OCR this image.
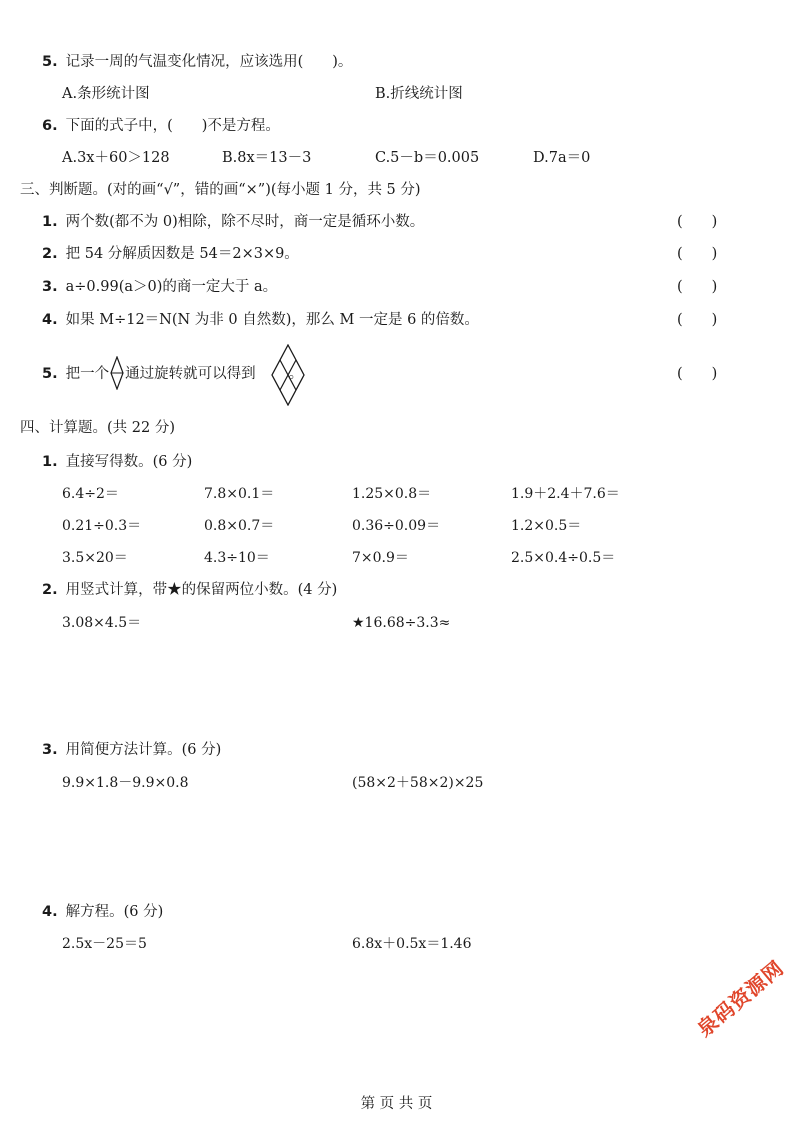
5. 记录一周的气温变化情况，应该选用(　　)。
A.条形统计图	B.折线统计图
6. 下面的式子中，(　　)不是方程。
A.3x＋60＞128	B.8x＝13－3	C.5－b＝0.005	D.7a＝0
三、判断题。(对的画“√”，错的画“×”)(每小题 1 分，共 5 分)
1. 两个数(都不为 0)相除，除不尽时，商一定是循环小数。	(　　)
2. 把 54 分解质因数是 54＝2×3×9。	(　　)
3. a÷0.99(a＞0)的商一定大于 a。	(　　)
4. 如果 M÷12＝N(N 为非 0 自然数)，那么 M 一定是 6 的倍数。	(　　)
5. 把一个 通过旋转就可以得到 。	(　　)
四、计算题。(共 22 分)
1. 直接写得数。(6 分)
6.4÷2＝	7.8×0.1＝	1.25×0.8＝	1.9＋2.4＋7.6＝
0.21÷0.3＝	0.8×0.7＝	0.36÷0.09＝	1.2×0.5＝
3.5×20＝	4.3÷10＝	7×0.9＝	2.5×0.4÷0.5＝
2. 用竖式计算，带★的保留两位小数。(4 分)
3.08×4.5＝	★16.68÷3.3≈
3. 用简便方法计算。(6 分)
9.9×1.8－9.9×0.8	(58×2＋58×2)×25
4. 解方程。(6 分)
2.5x－25＝5	6.8x＋0.5x＝1.46
泉码资源网
第 页 共 页
